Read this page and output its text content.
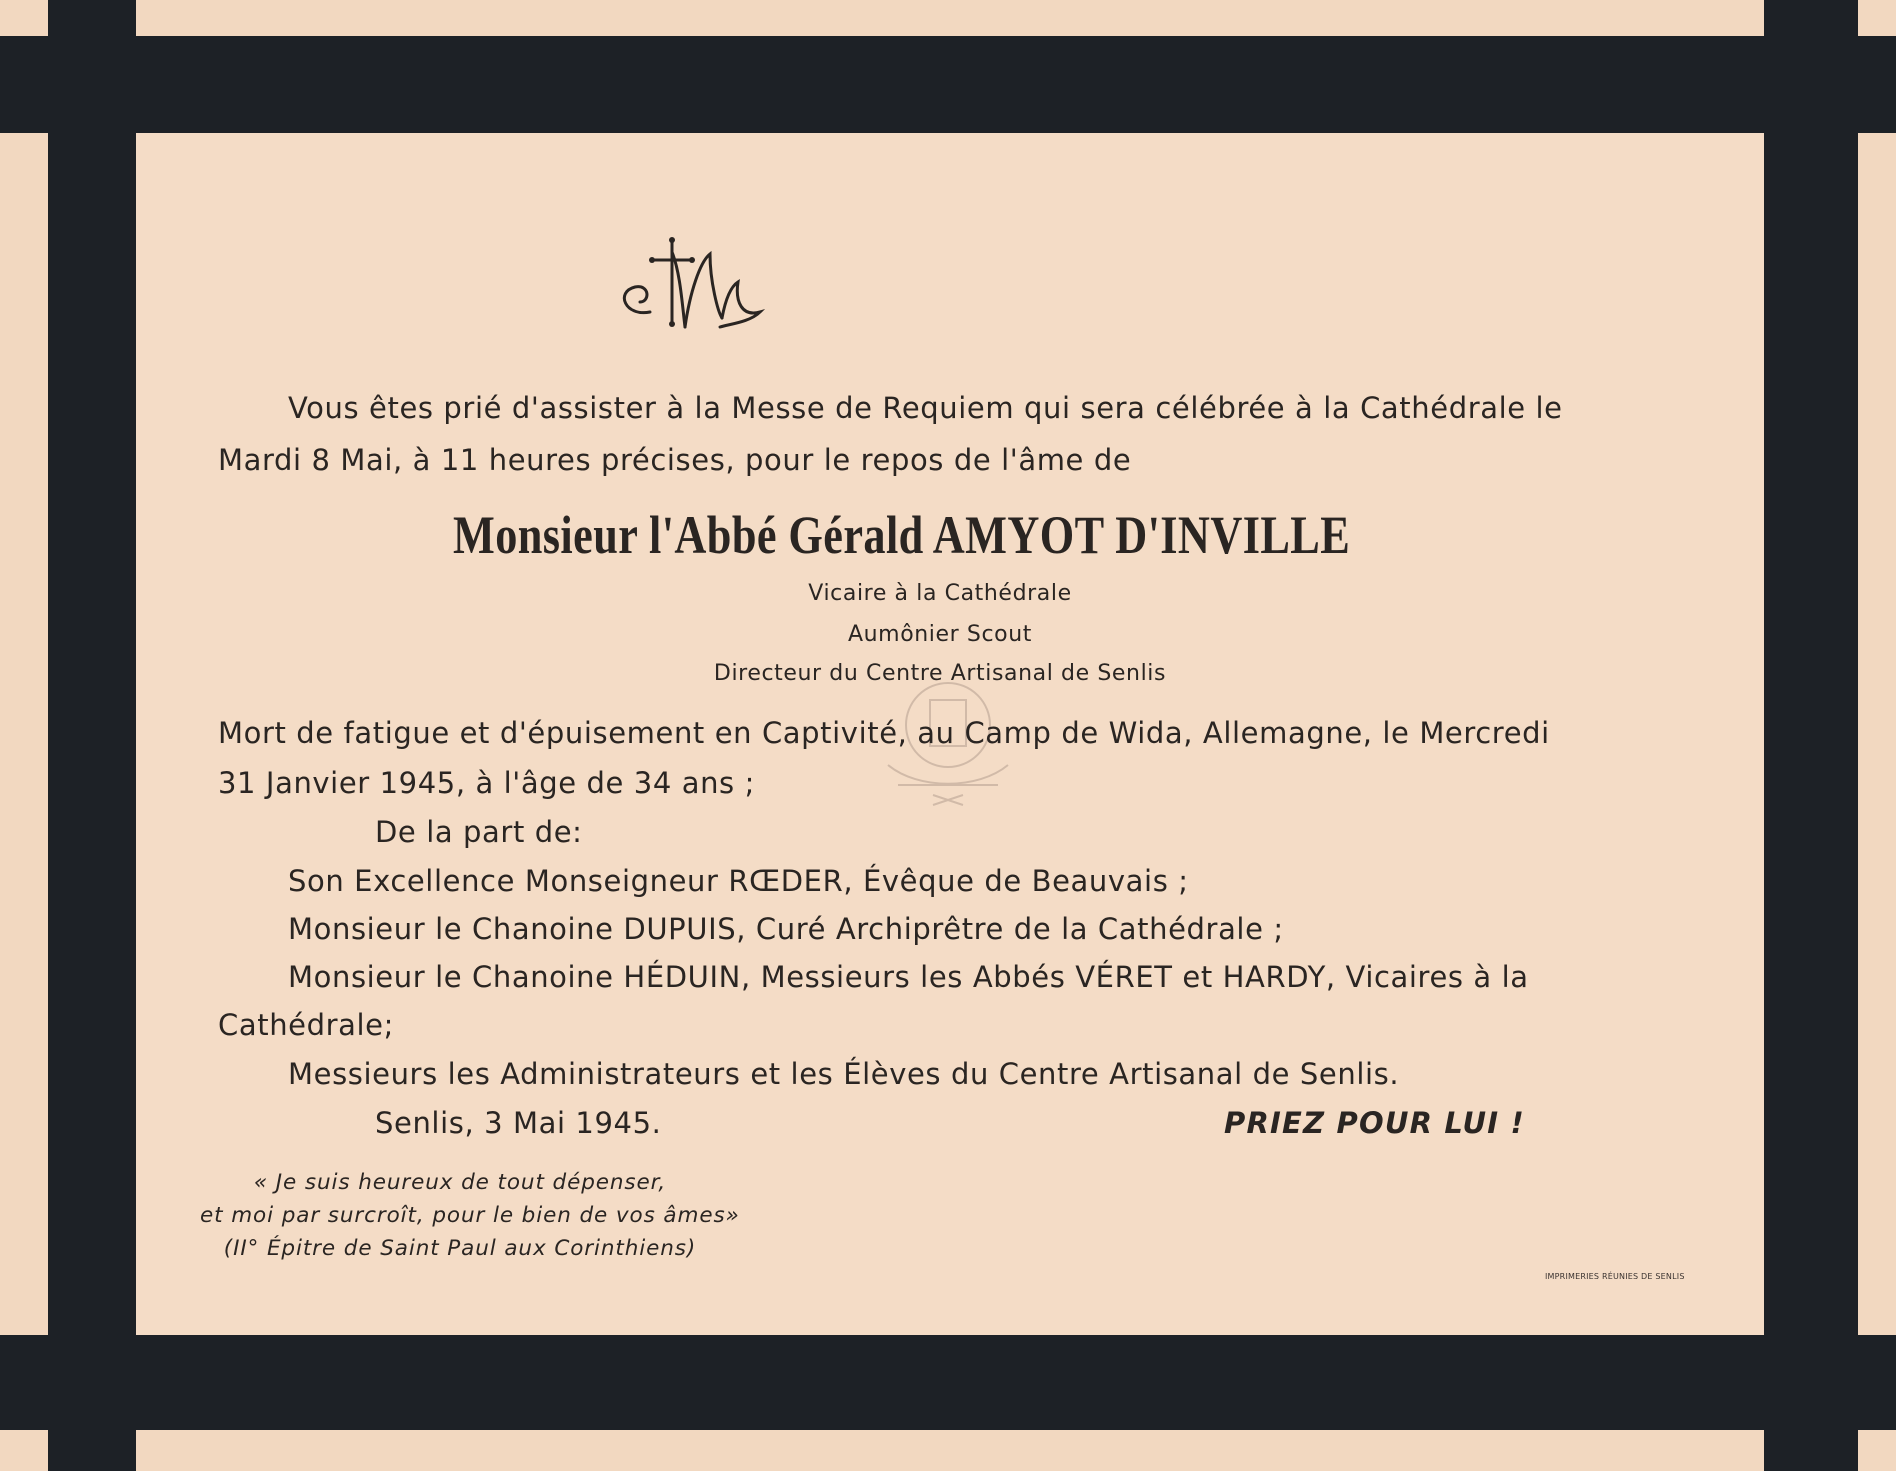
Vous êtes prié d'assister à la Messe de Requiem qui sera célébrée à la Cathédrale le
Mardi 8 Mai, à 11 heures précises, pour le repos de l'âme de
Monsieur l'Abbé Gérald AMYOT D'INVILLE
Vicaire à la Cathédrale
Aumônier Scout
Directeur du Centre Artisanal de Senlis
Mort de fatigue et d'épuisement en Captivité, au Camp de Wida, Allemagne, le Mercredi
31 Janvier 1945, à l'âge de 34 ans ;
De la part de:
Son Excellence Monseigneur RŒDER, Évêque de Beauvais ;
Monsieur le Chanoine DUPUIS, Curé Archiprêtre de la Cathédrale ;
Monsieur le Chanoine HÉDUIN, Messieurs les Abbés VÉRET et HARDY, Vicaires à la
Cathédrale;
Messieurs les Administrateurs et les Élèves du Centre Artisanal de Senlis.
Senlis, 3 Mai 1945.	PRIEZ POUR LUI !
« Je suis heureux de tout dépenser,
et moi par surcroît, pour le bien de vos âmes»
(II° Épitre de Saint Paul aux Corinthiens)
IMPRIMERIES RÉUNIES DE SENLIS
